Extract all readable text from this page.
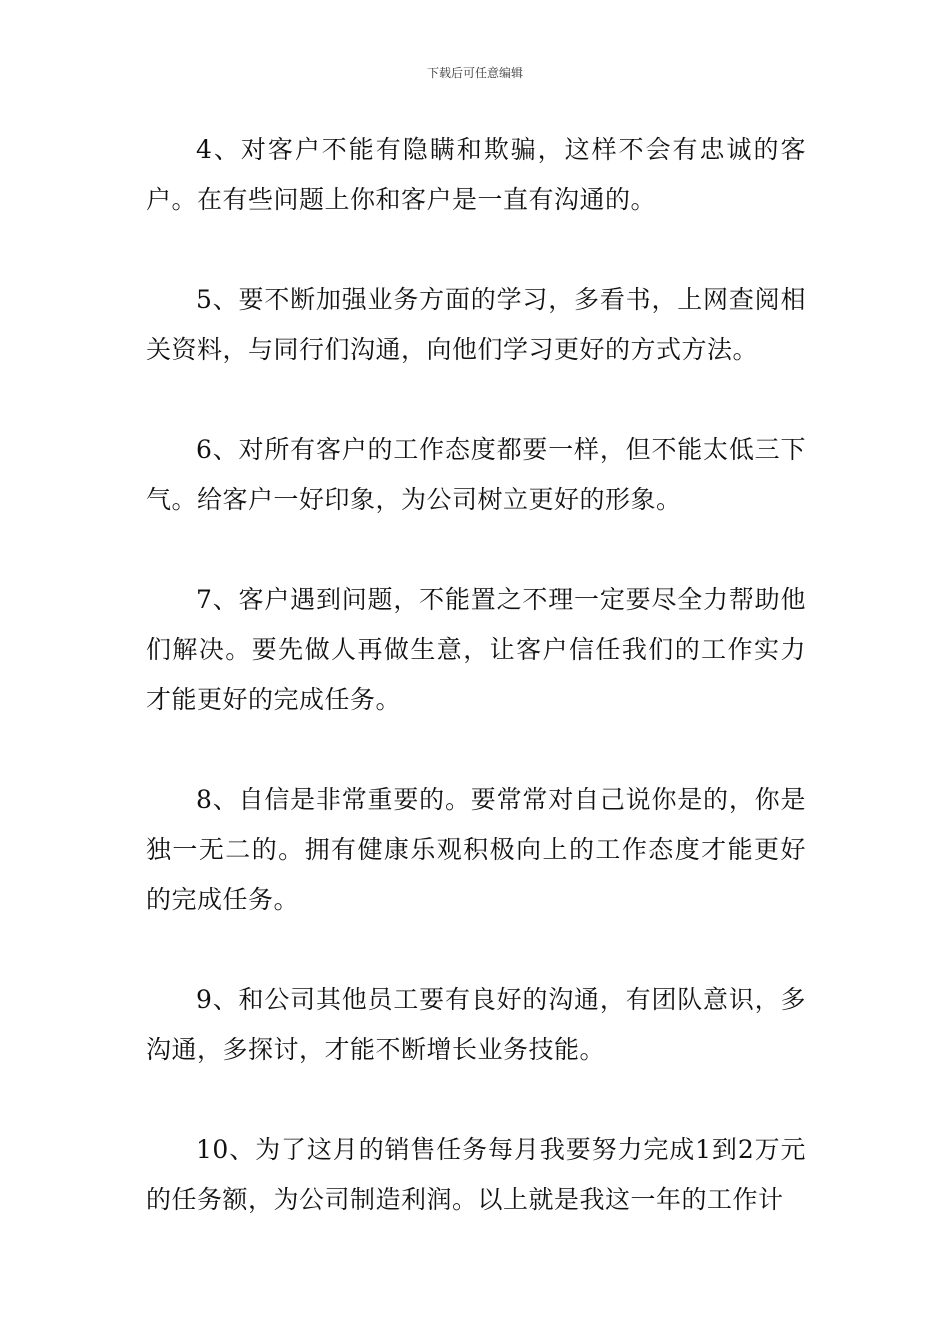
下载后可任意编辑

4、对客户不能有隐瞒和欺骗，这样不会有忠诚的客户。在有些问题上你和客户是一直有沟通的。

5、要不断加强业务方面的学习，多看书，上网查阅相关资料，与同行们沟通，向他们学习更好的方式方法。

6、对所有客户的工作态度都要一样，但不能太低三下气。给客户一好印象，为公司树立更好的形象。

7、客户遇到问题，不能置之不理一定要尽全力帮助他们解决。要先做人再做生意，让客户信任我们的工作实力才能更好的完成任务。

8、自信是非常重要的。要常常对自己说你是的，你是独一无二的。拥有健康乐观积极向上的工作态度才能更好的完成任务。

9、和公司其他员工要有良好的沟通，有团队意识，多沟通，多探讨，才能不断增长业务技能。

10、为了这月的销售任务每月我要努力完成1到2万元的任务额，为公司制造利润。以上就是我这一年的工作计
